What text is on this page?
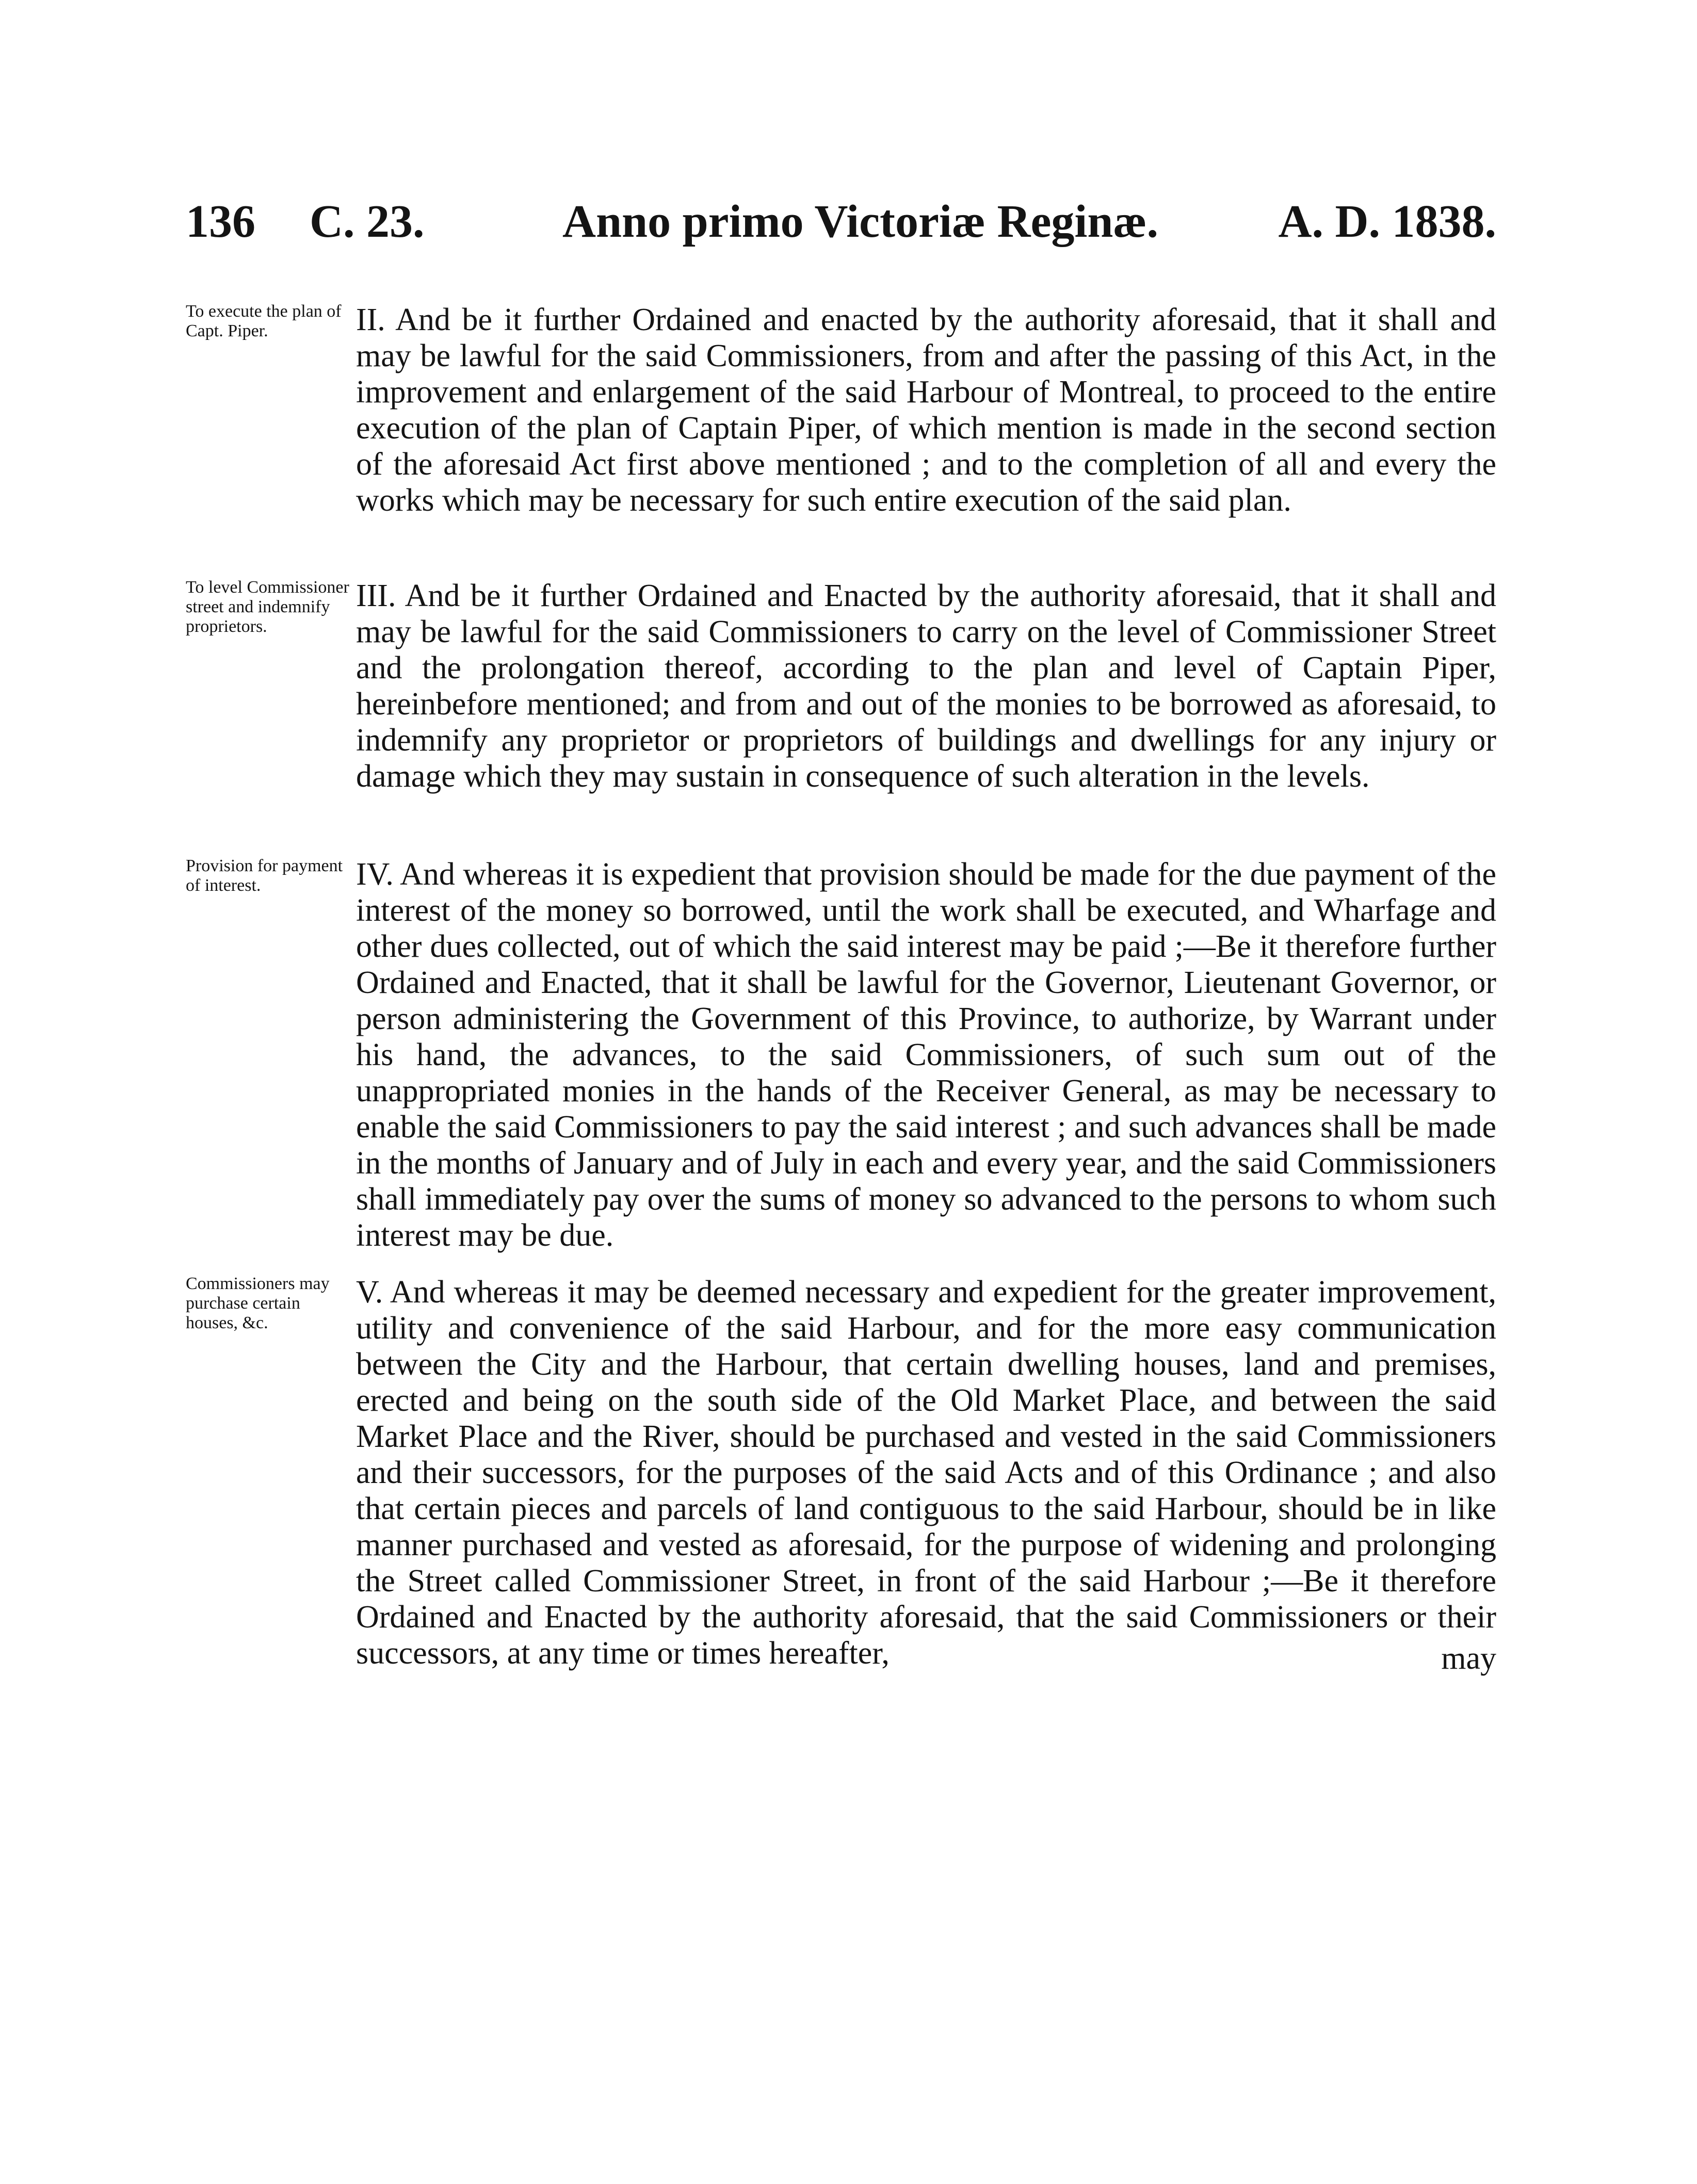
136 C. 23.	Anno primo Victoriæ Reginæ.	A. D. 1838.

To execute the plan of Capt. Piper.	II. And be it further Ordained and enacted by the authority aforesaid, that it shall and may be lawful for the said Commissioners, from and after the passing of this Act, in the improvement and enlargement of the said Harbour of Montreal, to proceed to the entire execution of the plan of Captain Piper, of which mention is made in the second section of the aforesaid Act first above mentioned ; and to the completion of all and every the works which may be necessary for such entire execution of the said plan.

To level Commissioner street and indemnify proprietors.

III. And be it further Ordained and Enacted by the authority aforesaid, that it shall and may be lawful for the said Commissioners to carry on the level of Commissioner Street and the prolongation thereof, according to the plan and level of Captain Piper, hereinbefore mentioned; and from and out of the monies to be borrowed as aforesaid, to indemnify any proprietor or proprietors of buildings and dwellings for any injury or damage which they may sustain in consequence of such alteration in the levels.

Provision for payment of interest.	IV. And whereas it is expedient that provision should be made for the due payment of the interest of the money so borrowed, until the work shall be executed, and Wharfage and other dues collected, out of which the said interest may be paid ;—Be it therefore further Ordained and Enacted, that it shall be lawful for the Governor, Lieutenant Governor, or person administering the Government of this Province, to authorize, by Warrant under his hand, the advances, to the said Commissioners, of such sum out of the unappropriated monies in the hands of the Receiver General, as may be necessary to enable the said Commissioners to pay the said interest ; and such advances shall be made in the months of January and of July in each and every year, and the said Commissioners shall immediately pay over the sums of money so advanced to the persons to whom such interest may be due.

Commissioners may purchase certain houses, &c.

V. And whereas it may be deemed necessary and expedient for the greater improvement, utility and convenience of the said Harbour, and for the more easy communication between the City and the Harbour, that certain dwelling houses, land and premises, erected and being on the south side of the Old Market Place, and between the said Market Place and the River, should be purchased and vested in the said Commissioners and their successors, for the purposes of the said Acts and of this Ordinance ; and also that certain pieces and parcels of land contiguous to the said Harbour, should be in like manner purchased and vested as aforesaid, for the purpose of widening and prolonging the Street called Commissioner Street, in front of the said Harbour ;—Be it therefore Ordained and Enacted by the authority aforesaid, that the said Commissioners or their successors, at any time or times hereafter,	may
